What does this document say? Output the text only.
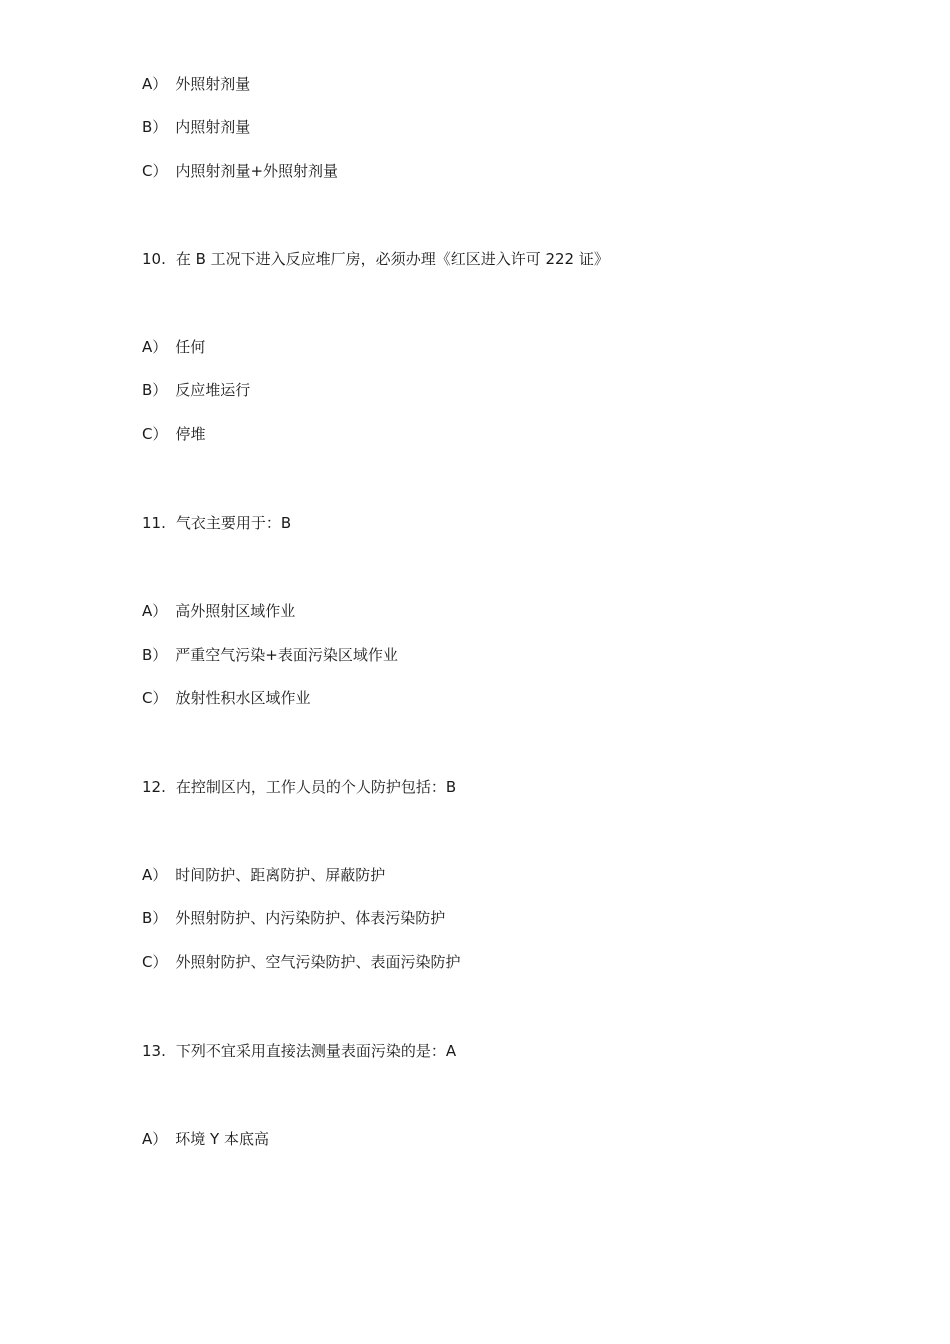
A） 外照射剂量
B） 内照射剂量
C） 内照射剂量+外照射剂量
10. 在 B 工况下进入反应堆厂房，必须办理《红区进入许可 222 证》
A） 任何
B） 反应堆运行
C） 停堆
11. 气衣主要用于：B
A） 高外照射区域作业
B） 严重空气污染+表面污染区域作业
C） 放射性积水区域作业
12. 在控制区内，工作人员的个人防护包括：B
A） 时间防护、距离防护、屏蔽防护
B） 外照射防护、内污染防护、体表污染防护
C） 外照射防护、空气污染防护、表面污染防护
13. 下列不宜采用直接法测量表面污染的是：A
A） 环境 Y 本底高
